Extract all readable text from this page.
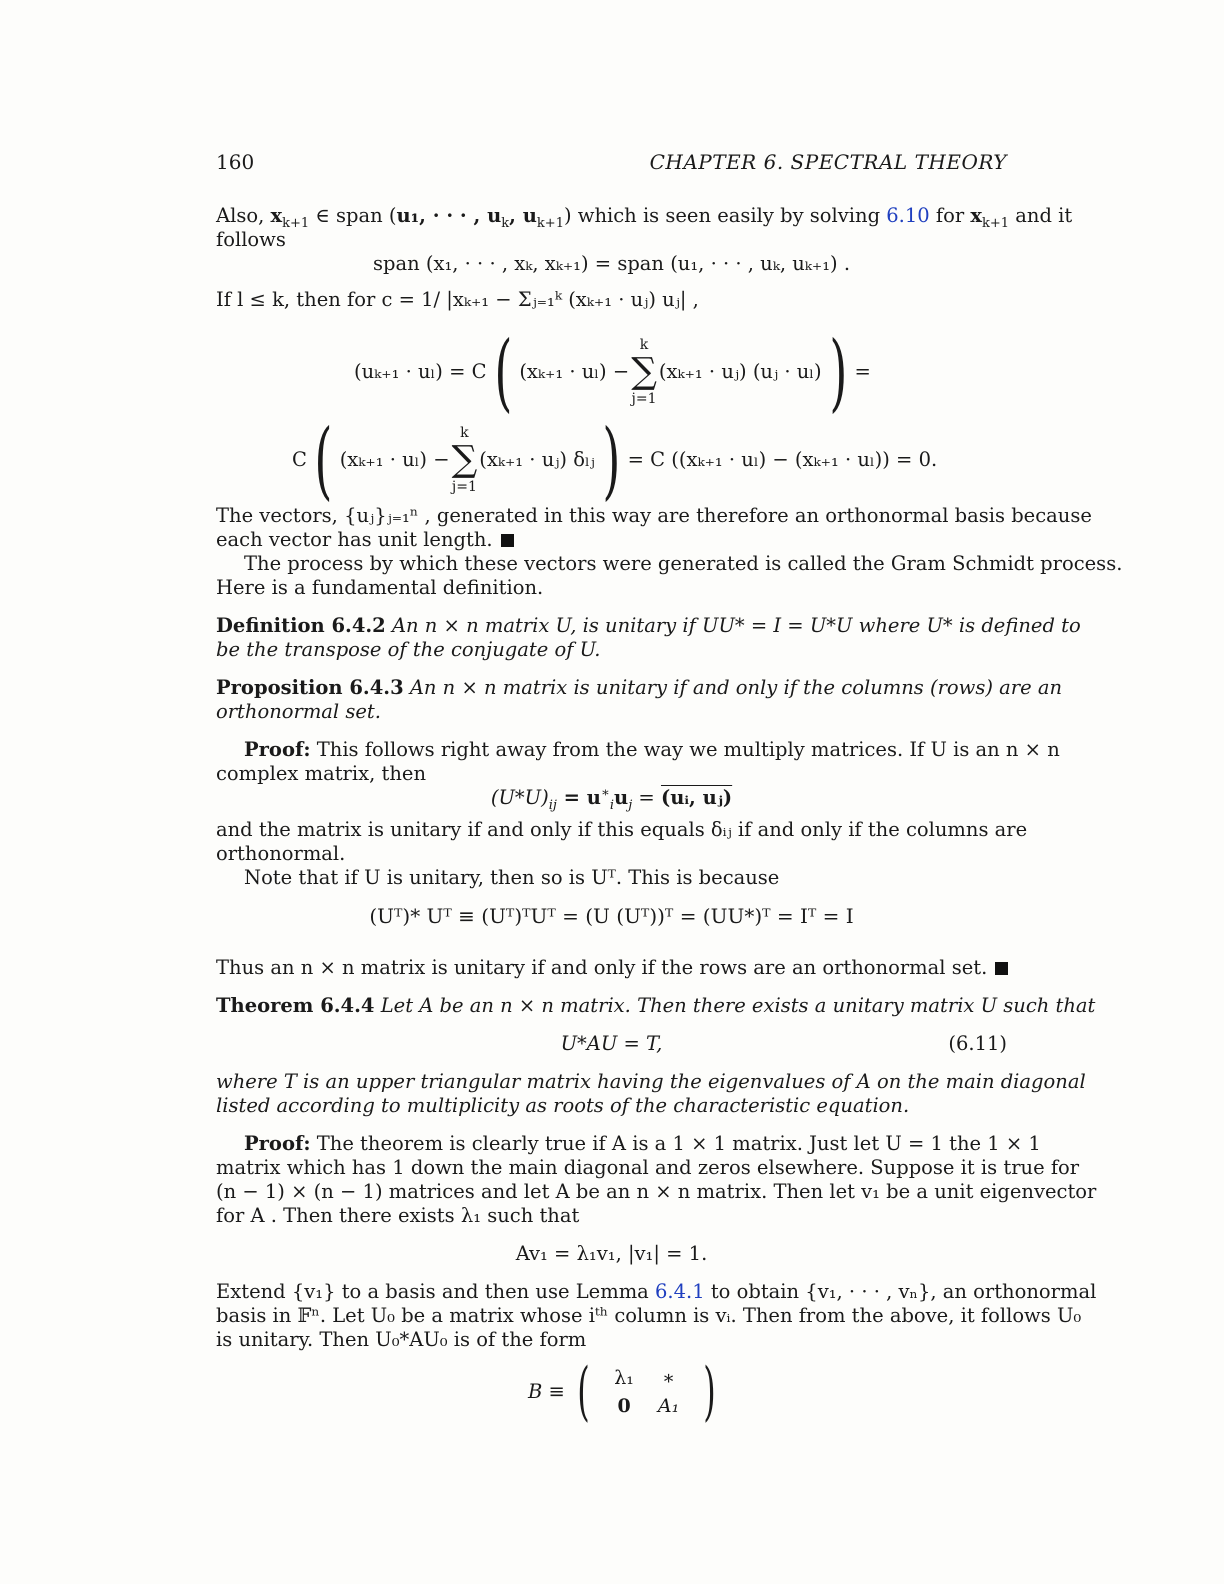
160	CHAPTER 6. SPECTRAL THEORY
Also, $x_{k+1}$ ∈ span (u₁, · · · , $u_k$, $u_{k+1}$) which is seen easily by solving 6.10 for $x_{k+1}$ and it
follows
span (x₁, · · · , xₖ, xₖ₊₁) = span (u₁, · · · , uₖ, uₖ₊₁) .
If l ≤ k, then for c = 1/ |xₖ₊₁ − Σⱼ₌₁ᵏ (xₖ₊₁ · uⱼ) uⱼ| ,
(uₖ₊₁ · uₗ) = C( (xₖ₊₁ · uₗ) −k
∑
j=1(xₖ₊₁ · uⱼ) (uⱼ · uₗ)) =
C( (xₖ₊₁ · uₗ) −k
∑
j=1(xₖ₊₁ · uⱼ) δₗⱼ) = C ((xₖ₊₁ · uₗ) − (xₖ₊₁ · uₗ)) = 0.
The vectors, {uⱼ}ⱼ₌₁ⁿ , generated in this way are therefore an orthonormal basis because
each vector has unit length.
The process by which these vectors were generated is called the Gram Schmidt process.
Here is a fundamental definition.
Definition 6.4.2 An n × n matrix U, is unitary if UU* = I = U*U where U* is defined to
be the transpose of the conjugate of U.
Proposition 6.4.3 An n × n matrix is unitary if and only if the columns (rows) are an
orthonormal set.
Proof: This follows right away from the way we multiply matrices. If U is an n × n
complex matrix, then
$(U*U)_{ij} = u^∗_iu_j$ = (uᵢ, uⱼ)
and the matrix is unitary if and only if this equals δᵢⱼ if and only if the columns are
orthonormal.
Note that if U is unitary, then so is Uᵀ. This is because
(Uᵀ)* Uᵀ ≡ (Uᵀ)ᵀUᵀ = (U (Uᵀ))ᵀ = (UU*)ᵀ = Iᵀ = I
Thus an n × n matrix is unitary if and only if the rows are an orthonormal set.
Theorem 6.4.4 Let A be an n × n matrix. Then there exists a unitary matrix U such that
U*AU = T,	(6.11)
where T is an upper triangular matrix having the eigenvalues of A on the main diagonal
listed according to multiplicity as roots of the characteristic equation.
Proof: The theorem is clearly true if A is a 1 × 1 matrix. Just let U = 1 the 1 × 1
matrix which has 1 down the main diagonal and zeros elsewhere. Suppose it is true for
(n − 1) × (n − 1) matrices and let A be an n × n matrix. Then let v₁ be a unit eigenvector
for A . Then there exists λ₁ such that
Av₁ = λ₁v₁, |v₁| = 1.
Extend {v₁} to a basis and then use Lemma 6.4.1 to obtain {v₁, · · · , vₙ}, an orthonormal
basis in 𝔽ⁿ. Let U₀ be a matrix whose iᵗʰ column is vᵢ. Then from the above, it follows U₀
is unitary. Then U₀*AU₀ is of the form
B ≡ ( λ₁	∗
0	A₁ )
